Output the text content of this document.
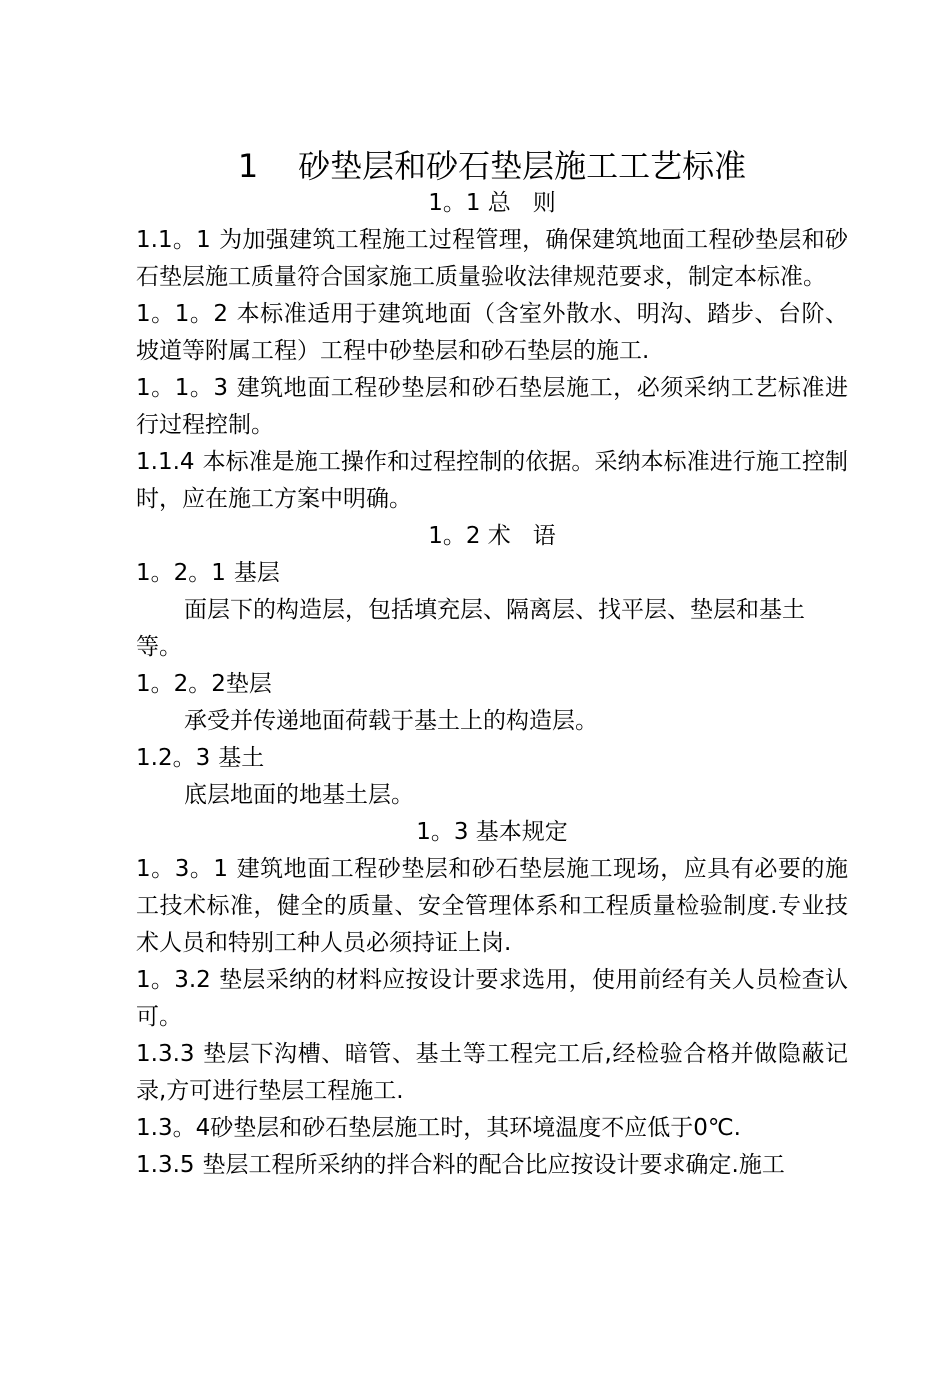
1 砂垫层和砂石垫层施工工艺标准
1。1 总 则

1.1。1 为加强建筑工程施工过程管理，确保建筑地面工程砂垫层和砂石垫层施工质量符合国家施工质量验收法律规范要求，制定本标准。

1。1。2 本标准适用于建筑地面（含室外散水、明沟、踏步、台阶、坡道等附属工程）工程中砂垫层和砂石垫层的施工.

1。1。3 建筑地面工程砂垫层和砂石垫层施工，必须采纳工艺标准进行过程控制。

1.1.4 本标准是施工操作和过程控制的依据。采纳本标准进行施工控制时，应在施工方案中明确。

1。2 术 语

1。2。1 基层

面层下的构造层，包括填充层、隔离层、找平层、垫层和基土等。

1。2。2垫层

承受并传递地面荷载于基土上的构造层。

1.2。3 基土

底层地面的地基土层。

1。3 基本规定

1。3。1 建筑地面工程砂垫层和砂石垫层施工现场，应具有必要的施工技术标准，健全的质量、安全管理体系和工程质量检验制度.专业技术人员和特别工种人员必须持证上岗.

1。3.2 垫层采纳的材料应按设计要求选用，使用前经有关人员检查认可。

1.3.3 垫层下沟槽、暗管、基土等工程完工后,经检验合格并做隐蔽记录,方可进行垫层工程施工.

1.3。4砂垫层和砂石垫层施工时，其环境温度不应低于0℃.

1.3.5 垫层工程所采纳的拌合料的配合比应按设计要求确定.施工
